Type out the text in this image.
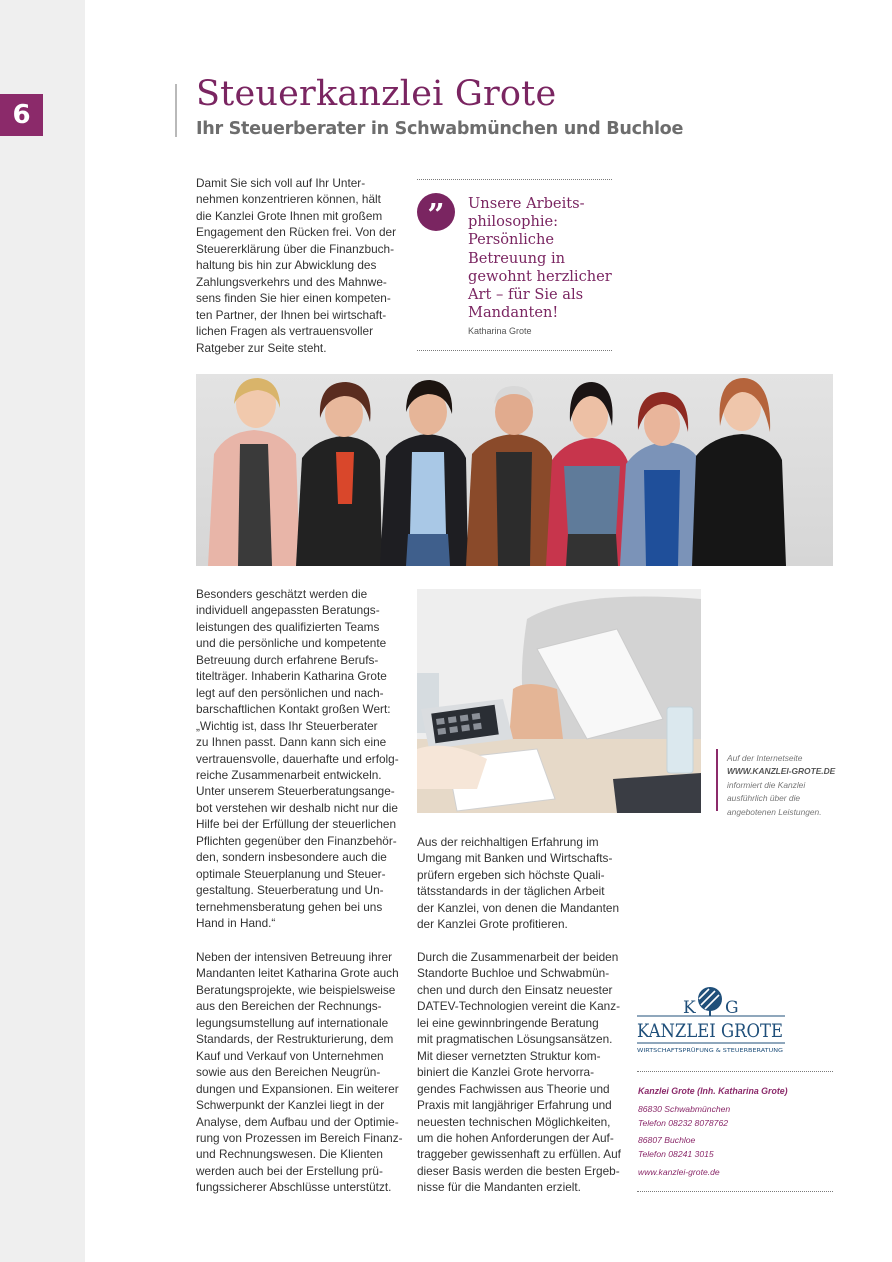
6
Steuerkanzlei Grote
Ihr Steuerberater in Schwabmünchen und Buchloe

Damit Sie sich voll auf Ihr Unter-
nehmen konzentrieren können, hält
die Kanzlei Grote Ihnen mit großem
Engagement den Rücken frei. Von der
Steuererklärung über die Finanzbuch-
haltung bis hin zur Abwicklung des
Zahlungsverkehrs und des Mahnwe-
sens finden Sie hier einen kompeten-
ten Partner, der Ihnen bei wirtschaft-
lichen Fragen als vertrauensvoller
Ratgeber zur Seite steht.

”	Unsere Arbeits-
philosophie:
Persönliche
Betreuung in
gewohnt herzlicher
Art – für Sie als
Mandanten!

Katharina Grote

Besonders geschätzt werden die
individuell angepassten Beratungs-
leistungen des qualifizierten Teams
und die persönliche und kompetente
Betreuung durch erfahrene Berufs-
titelträger. Inhaberin Katharina Grote
legt auf den persönlichen und nach-
barschaftlichen Kontakt großen Wert:
„Wichtig ist, dass Ihr Steuerberater
zu Ihnen passt. Dann kann sich eine
vertrauensvolle, dauerhafte und erfolg-
reiche Zusammenarbeit entwickeln.
Unter unserem Steuerberatungsange-
bot verstehen wir deshalb nicht nur die
Hilfe bei der Erfüllung der steuerlichen
Pflichten gegenüber den Finanzbehör-
den, sondern insbesondere auch die
optimale Steuerplanung und Steuer-
gestaltung. Steuerberatung und Un-
ternehmensberatung gehen bei uns
Hand in Hand.“

Neben der intensiven Betreuung ihrer
Mandanten leitet Katharina Grote auch
Beratungsprojekte, wie beispielsweise
aus den Bereichen der Rechnungs-
legungsumstellung auf internationale
Standards, der Restrukturierung, dem
Kauf und Verkauf von Unternehmen
sowie aus den Bereichen Neugrün-
dungen und Expansionen. Ein weiterer
Schwerpunkt der Kanzlei liegt in der
Analyse, dem Aufbau und der Optimie-
rung von Prozessen im Bereich Finanz-
und Rechnungswesen. Die Klienten
werden auch bei der Erstellung prü-
fungssicherer Abschlüsse unterstützt.

Aus der reichhaltigen Erfahrung im
Umgang mit Banken und Wirtschafts-
prüfern ergeben sich höchste Quali-
tätsstandards in der täglichen Arbeit
der Kanzlei, von denen die Mandanten
der Kanzlei Grote profitieren.

Durch die Zusammenarbeit der beiden
Standorte Buchloe und Schwabmün-
chen und durch den Einsatz neuester
DATEV-Technologien vereint die Kanz-
lei eine gewinnbringende Beratung
mit pragmatischen Lösungsansätzen.
Mit dieser vernetzten Struktur kom-
biniert die Kanzlei Grote hervorra-
gendes Fachwissen aus Theorie und
Praxis mit langjähriger Erfahrung und
neuesten technischen Möglichkeiten,
um die hohen Anforderungen der Auf-
traggeber gewissenhaft zu erfüllen. Auf
dieser Basis werden die besten Ergeb-
nisse für die Mandanten erzielt.

Auf der Internetseite
WWW.KANZLEI-GROTE.DE
informiert die Kanzlei
ausführlich über die
angebotenen Leistungen.

K G
KANZLEI GROTE
WIRTSCHAFTSPRÜFUNG & STEUERBERATUNG
Kanzlei Grote (Inh. Katharina Grote)
86830 Schwabmünchen
Telefon 08232 8078762
86807 Buchloe
Telefon 08241 3015
www.kanzlei-grote.de
